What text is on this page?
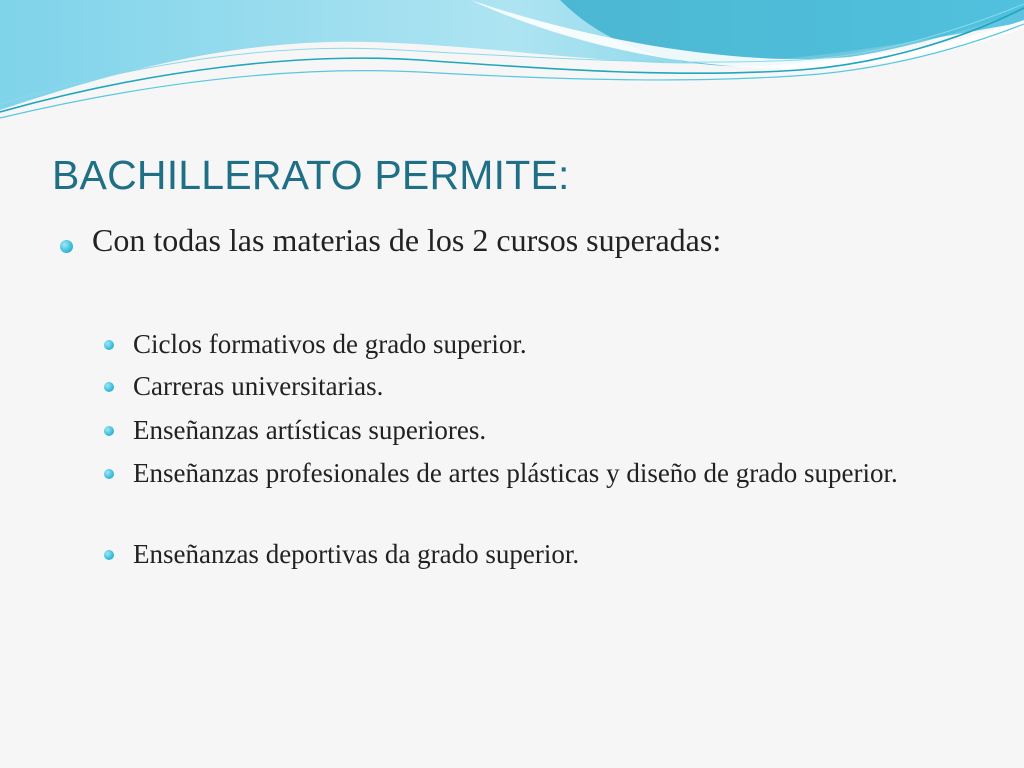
BACHILLERATO PERMITE:
Con todas las materias de los 2 cursos superadas:
Ciclos formativos de grado superior.
Carreras universitarias.
Enseñanzas artísticas superiores.
Enseñanzas profesionales de artes plásticas y diseño de grado superior.
Enseñanzas deportivas da grado superior.
